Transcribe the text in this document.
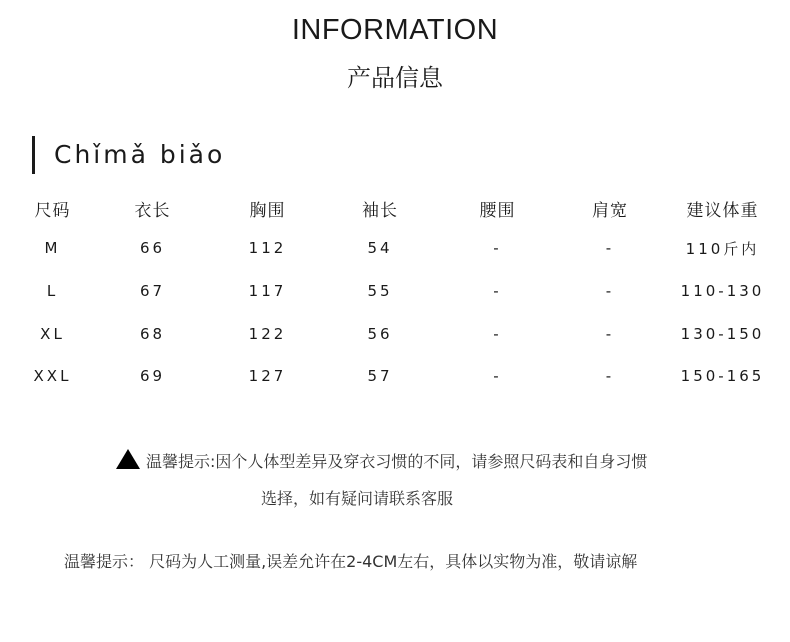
INFORMATION
产品信息
Chǐmǎ biǎo
尺码	衣长	胸围	袖长	腰围	肩宽	建议体重
M	66	112	54	-	-	110斤内
L	67	117	55	-	-	110-130
XL	68	122	56	-	-	130-150
XXL	69	127	57	-	-	150-165
温馨提示:因个人体型差异及穿衣习惯的不同，请参照尺码表和自身习惯
选择，如有疑问请联系客服
温馨提示： 尺码为人工测量,误差允许在2-4CM左右，具体以实物为准，敬请谅解
